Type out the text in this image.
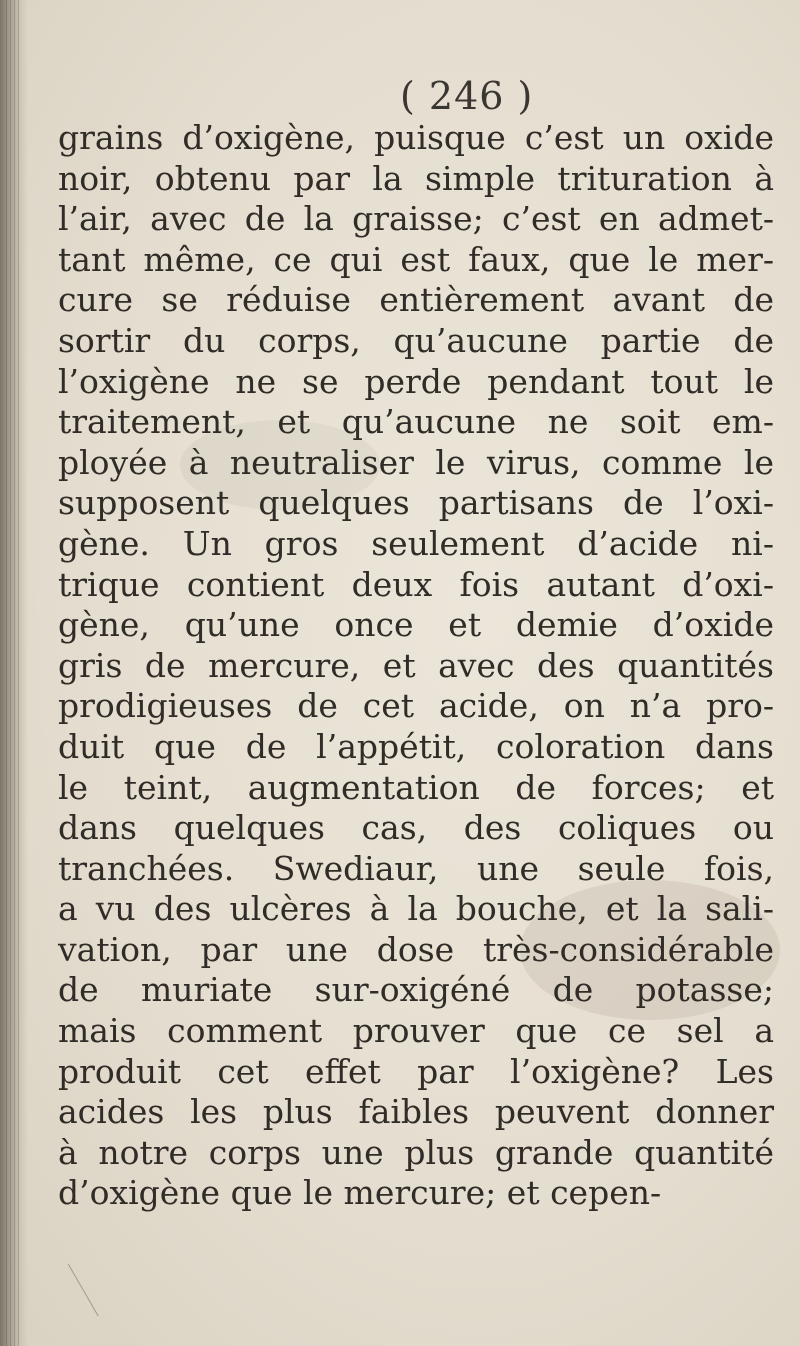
( 246 )
grains d’oxigène, puisque c’est un oxide
noir, obtenu par la simple trituration à
l’air, avec de la graisse; c’est en admet-
tant même, ce qui est faux, que le mer-
cure se réduise entièrement avant de
sortir du corps, qu’aucune partie de
l’oxigène ne se perde pendant tout le
traitement, et qu’aucune ne soit em-
ployée à neutraliser le virus, comme le
supposent quelques partisans de l’oxi-
gène. Un gros seulement d’acide ni-
trique contient deux fois autant d’oxi-
gène, qu’une once et demie d’oxide
gris de mercure, et avec des quantités
prodigieuses de cet acide, on n’a pro-
duit que de l’appétit, coloration dans
le teint, augmentation de forces; et
dans quelques cas, des coliques ou
tranchées. Swediaur, une seule fois,
a vu des ulcères à la bouche, et la sali-
vation, par une dose très-considérable
de muriate sur-oxigéné de potasse;
mais comment prouver que ce sel a
produit cet effet par l’oxigène? Les
acides les plus faibles peuvent donner
à notre corps une plus grande quantité
d’oxigène que le mercure; et cepen-
